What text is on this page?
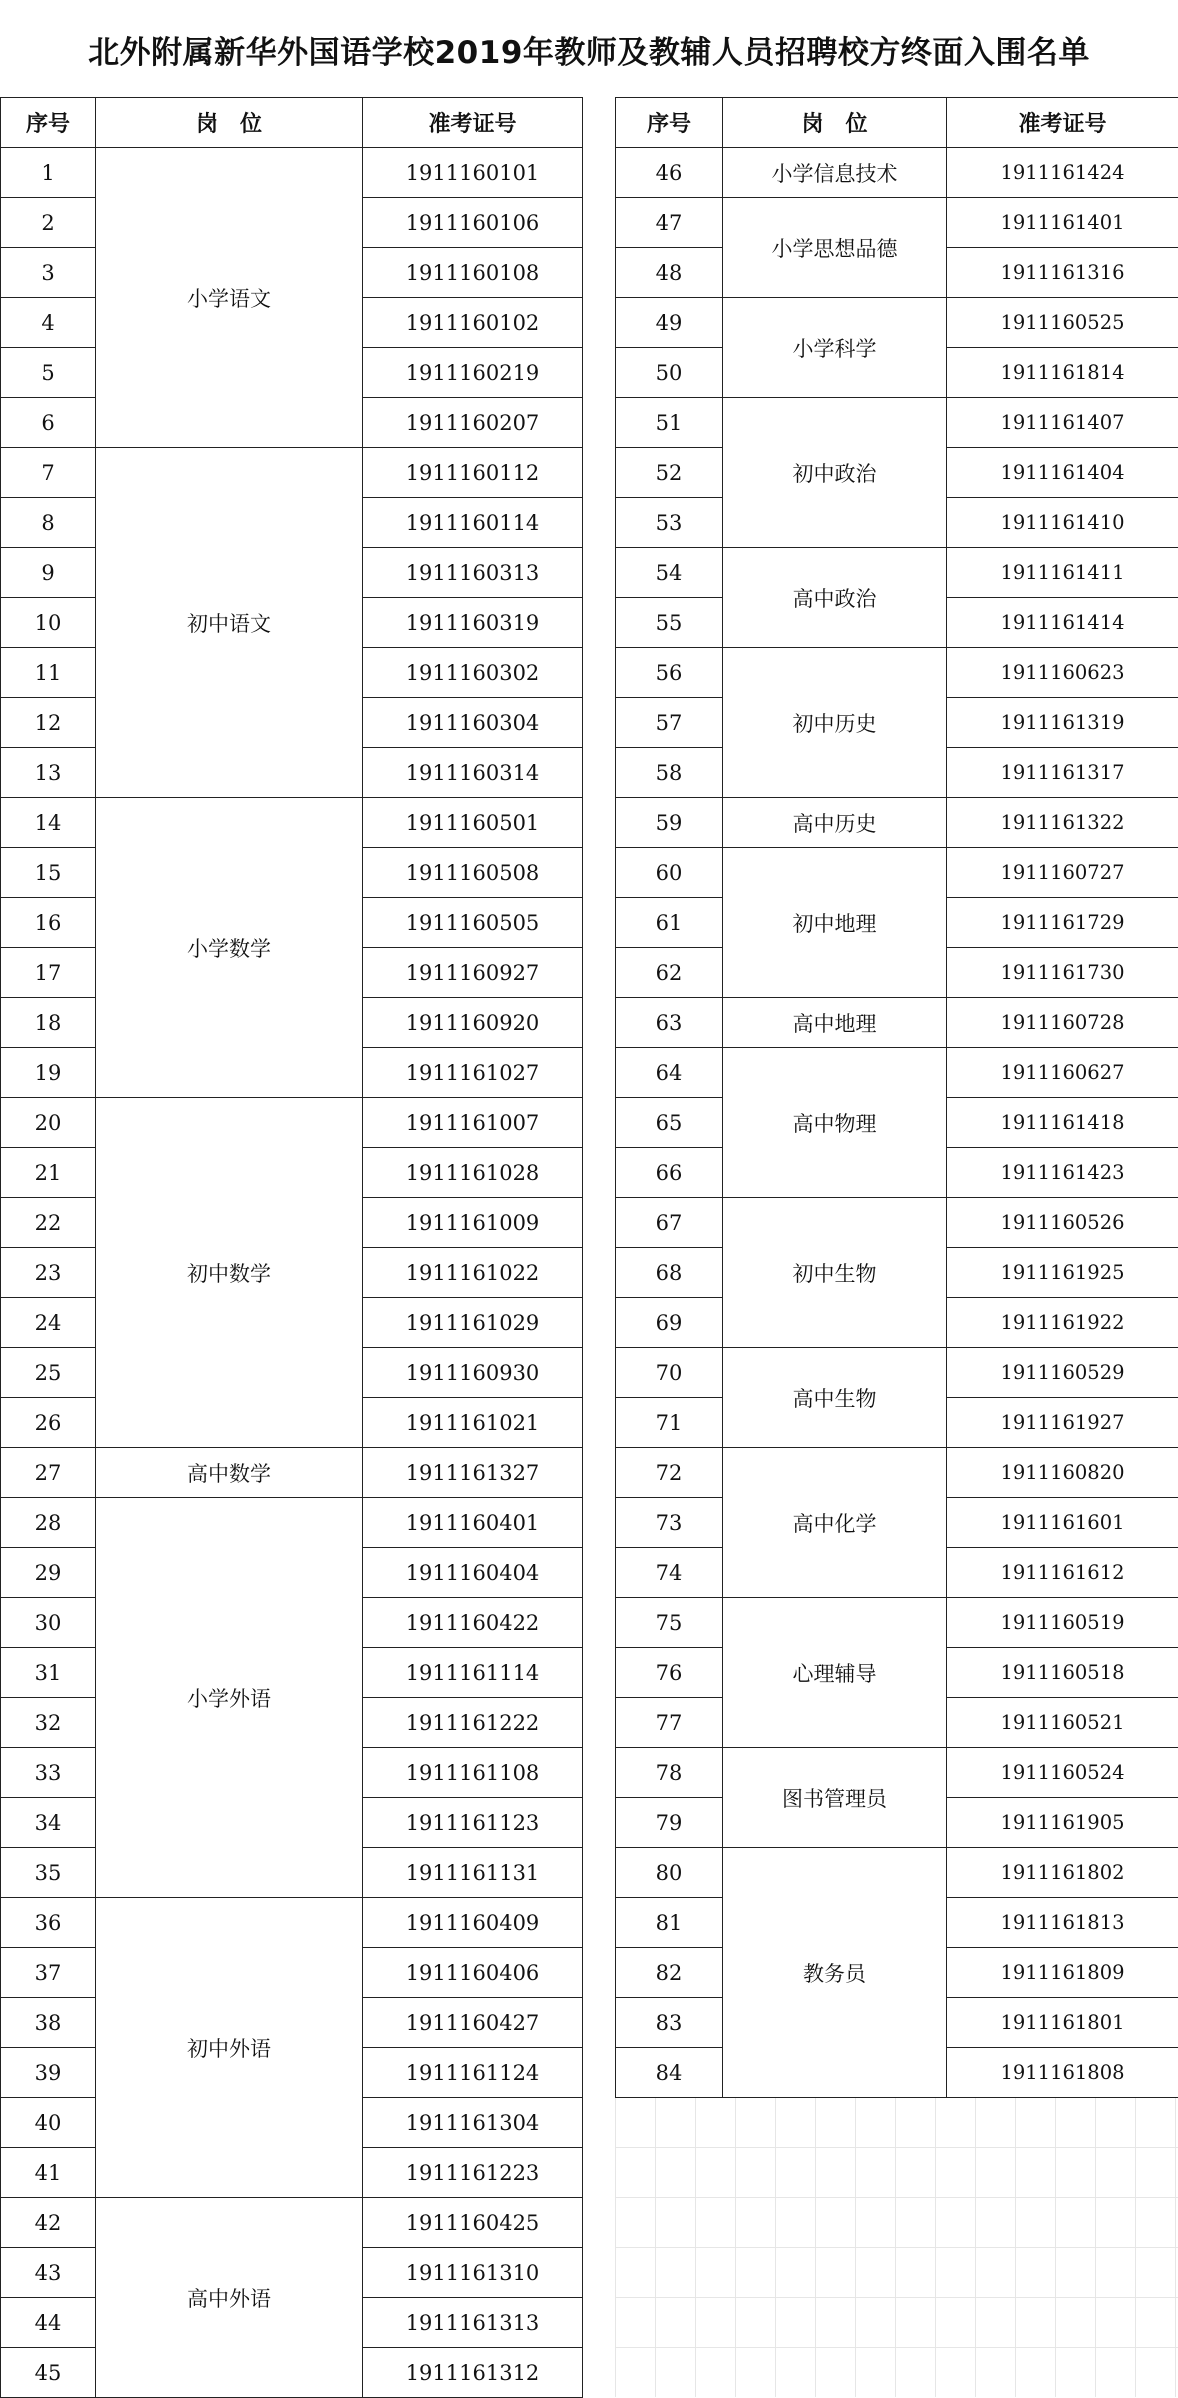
北外附属新华外国语学校2019年教师及教辅人员招聘校方终面入围名单
序号	岗　位	准考证号
1	小学语文	1911160101
2		1911160106
3		1911160108
4		1911160102
5		1911160219
6		1911160207
7	初中语文	1911160112
8		1911160114
9		1911160313
10		1911160319
11		1911160302
12		1911160304
13		1911160314
14	小学数学	1911160501
15		1911160508
16		1911160505
17		1911160927
18		1911160920
19		1911161027
20	初中数学	1911161007
21		1911161028
22		1911161009
23		1911161022
24		1911161029
25		1911160930
26		1911161021
27	高中数学	1911161327
28	小学外语	1911160401
29		1911160404
30		1911160422
31		1911161114
32		1911161222
33		1911161108
34		1911161123
35		1911161131
36	初中外语	1911160409
37		1911160406
38		1911160427
39		1911161124
40		1911161304
41		1911161223
42	高中外语	1911160425
43		1911161310
44		1911161313
45		1911161312
序号	岗　位	准考证号
46	小学信息技术	1911161424
47	小学思想品德	1911161401
48		1911161316
49	小学科学	1911160525
50		1911161814
51	初中政治	1911161407
52		1911161404
53		1911161410
54	高中政治	1911161411
55		1911161414
56	初中历史	1911160623
57		1911161319
58		1911161317
59	高中历史	1911161322
60	初中地理	1911160727
61		1911161729
62		1911161730
63	高中地理	1911160728
64	高中物理	1911160627
65		1911161418
66		1911161423
67	初中生物	1911160526
68		1911161925
69		1911161922
70	高中生物	1911160529
71		1911161927
72	高中化学	1911160820
73		1911161601
74		1911161612
75	心理辅导	1911160519
76		1911160518
77		1911160521
78	图书管理员	1911160524
79		1911161905
80	教务员	1911161802
81		1911161813
82		1911161809
83		1911161801
84		1911161808
